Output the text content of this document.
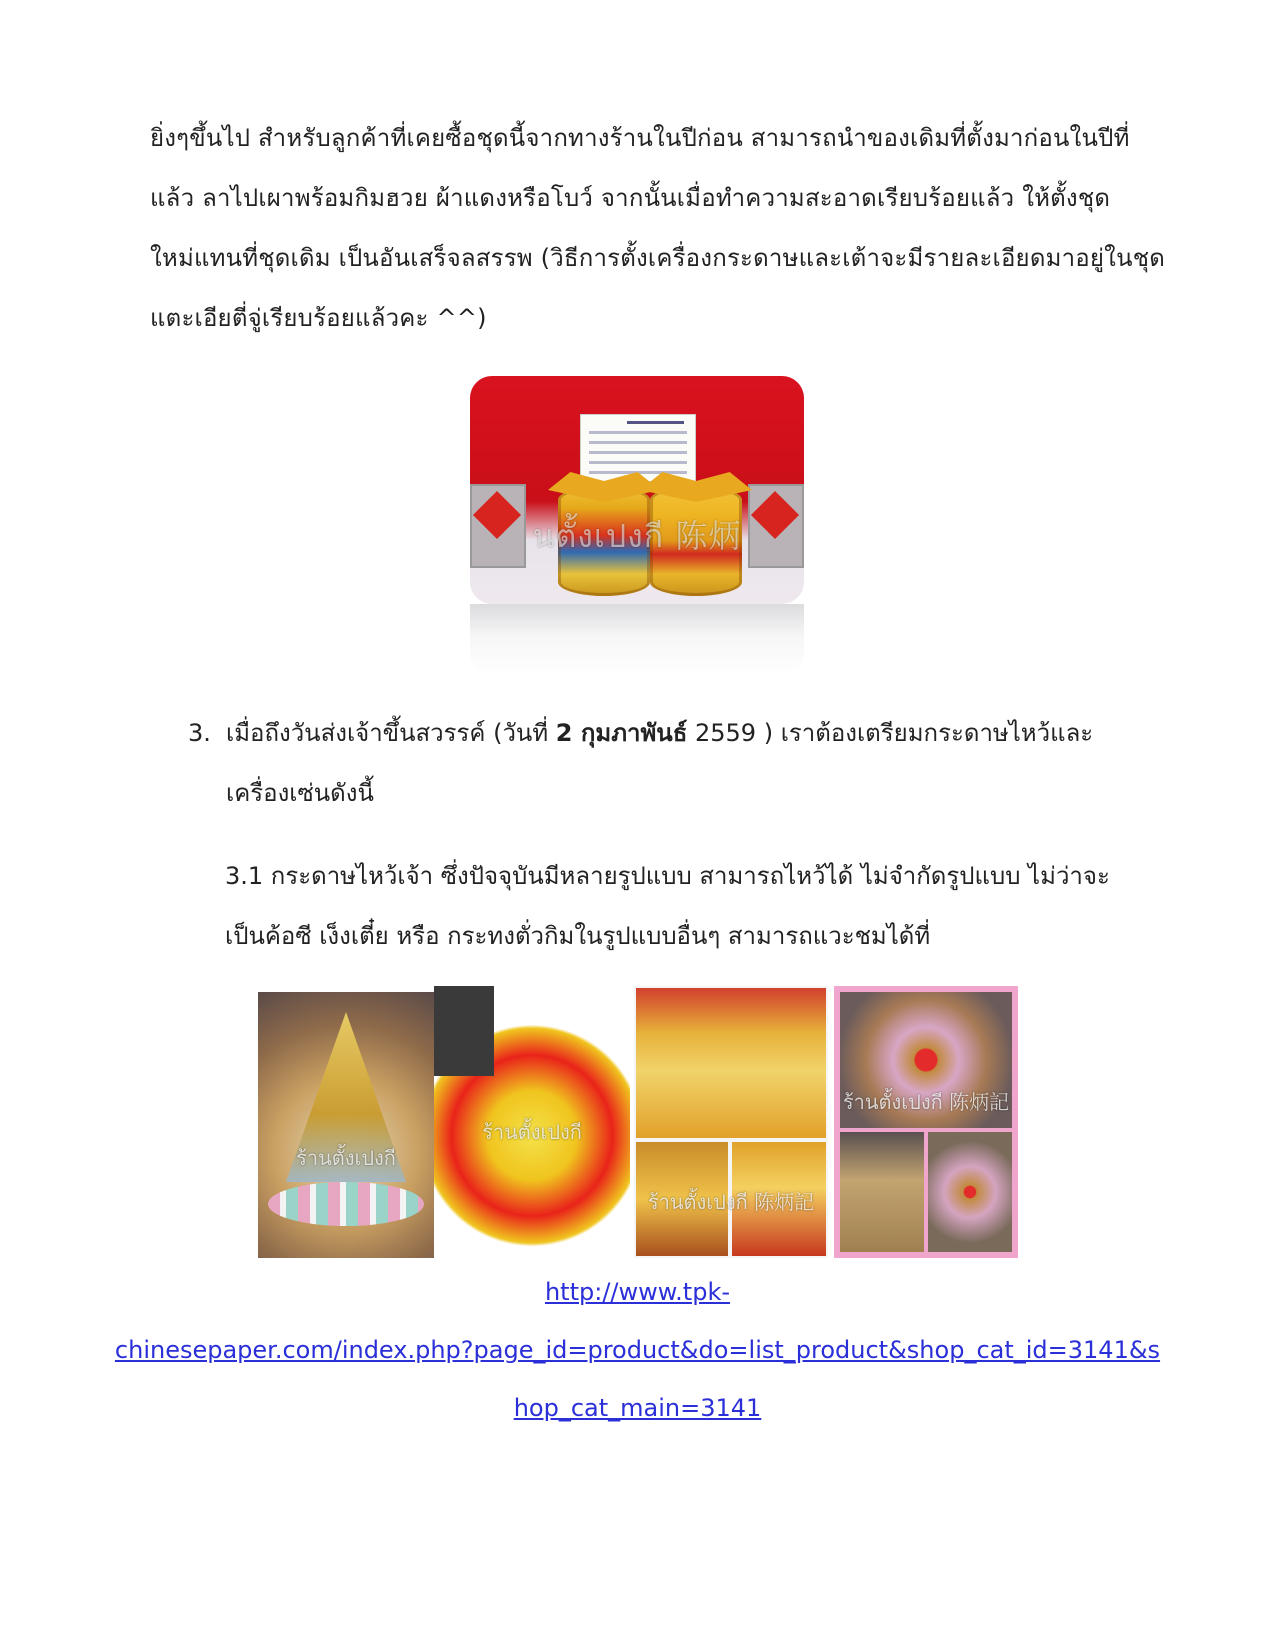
ยิ่งๆขึ้นไป สำหรับลูกค้าที่เคยซื้อชุดนี้จากทางร้านในปีก่อน สามารถนำของเดิมที่ตั้งมาก่อนในปีที่
แล้ว ลาไปเผาพร้อมกิมฮวย ผ้าแดงหรือโบว์ จากนั้นเมื่อทำความสะอาดเรียบร้อยแล้ว ให้ตั้งชุด
ใหม่แทนที่ชุดเดิม เป็นอันเสร็จลสรรพ (วิธีการตั้งเครื่องกระดาษและเต้าจะมีรายละเอียดมาอยู่ในชุด
แตะเอียตี่จู่เรียบร้อยแล้วคะ ^^)
นตั้งเปงกี 陈炳
3. เมื่อถึงวันส่งเจ้าขึ้นสวรรค์ (วันที่ 2 กุมภาพันธ์ 2559 ) เราต้องเตรียมกระดาษไหว้และ
เครื่องเซ่นดังนี้
3.1 กระดาษไหว้เจ้า ซึ่งปัจจุบันมีหลายรูปแบบ สามารถไหว้ได้ ไม่จำกัดรูปแบบ ไม่ว่าจะ
เป็นค้อซี เง็งเตี๋ย หรือ กระทงตั่วกิมในรูปแบบอื่นๆ สามารถแวะชมได้ที่
ร้านตั้งเปงกี
ร้านตั้งเปงกี
ร้านตั้งเปงกี 陈炳記
ร้านตั้งเปงกี 陈炳記
http://www.tpk-
chinesepaper.com/index.php?page_id=product&do=list_product&shop_cat_id=3141&s
hop_cat_main=3141
